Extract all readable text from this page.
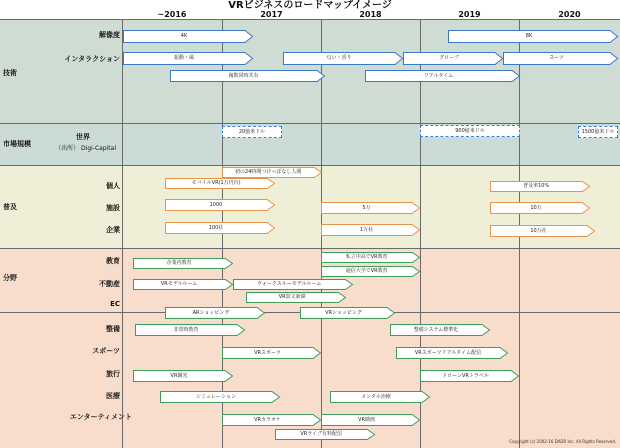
VRビジネスのロードマップイメージ
~2016	2017	2018	2019	2020
技術
市場規模
普及
分野
解像度
インタラクション
世界
（出所） Digi-Capital
個人
施設
企業
教育
不動産
EC
整備
スポーツ
旅行
医療
エンターティメント
4K	8K
振動・風	匂い・香り	グローブ	スーツ
複数同時共有	リアルタイム
20億米ドル	900億米ドル	1500億米ドル
初の24時間つけっぱなし人間
モバイルVR(1万円台)	普及率10%
1000	5万	10万
100社	1万社	10万社
企業内教育
私立中高でVR教育
通信大学でVR教育
VRモデルルーム	ウォークスルーモデルルーム
VR款文新緯
ARショッピング	VRショッピング
非常時教育	整備システム標準化
VRスポーツ	VRスポーツリアルタイム配信
VR観光	ドローンVRトラベル
シミュレーション	メンタル治療
VRカラオケ	VR映画
VRライブ有料配信
Copyright (c) 2002-16 DADR Inc. All Rights Reserved.
